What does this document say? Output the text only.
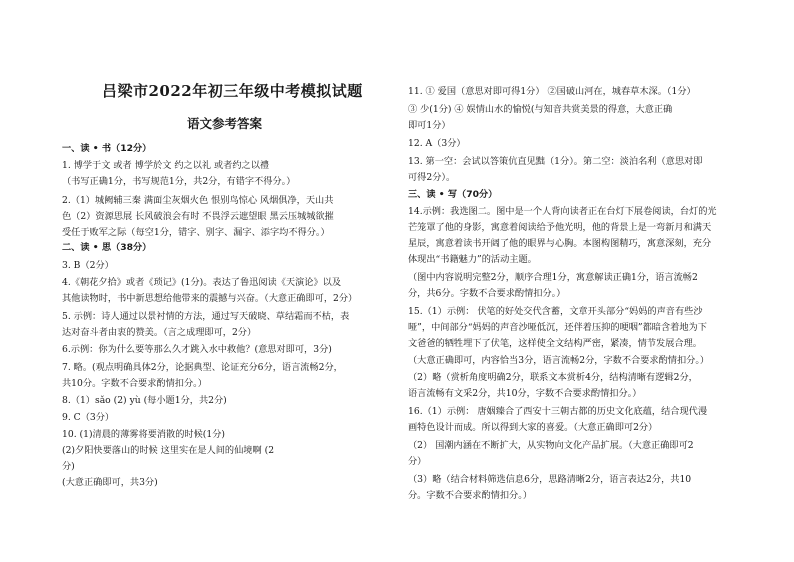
吕梁市2022年初三年级中考模拟试题
语文参考答案
一、读 • 书（12分）
1. 博学于文 或者 博学於文 约之以礼 或者约之以禮
（书写正确1分，书写规范1分，共2分，有错字不得分。）
2.（1）城阙辅三秦 满面尘灰烟火色 恨别鸟惊心 风烟俱净，天山共
色（2）资源思展 长风破浪会有时 不畏浮云遮望眼 黑云压城城欲摧
受任于败军之际（每空1分，错字、别字、漏字、添字均不得分。）
二、读 • 思（38分）
3. B（2分）
4.《朝花夕拾》或者《琐记》(1分)。表达了鲁迅阅读《天演论》以及
其他读物时，书中新思想给他带来的震撼与兴奋。（大意正确即可，2分）
5. 示例：诗人通过以景衬情的方法，通过写天破晓、草结霜而不枯，表
达对奋斗者由衷的赞美。（言之成理即可，2分）
6.示例：你为什么要等那么久才跳入水中救他？(意思对即可，3分)
7. 略。(观点明确具体2分，论据典型、论证充分6分，语言流畅2分，
共10分。字数不合要求酌情扣分。）
8.（1）sǎo (2) yù (每小题1分，共2分)
9. C（3分）
10. (1)清晨的薄雾将要消散的时候(1分)
(2)夕阳快要落山的时候 这里实在是人间的仙境啊 (2
分)
(大意正确即可，共3分)
11. ① 爱国（意思对即可得1分） ②国破山河在，城春草木深。（1分）
③ 少(1分) ④ 娱情山水的愉悦(与知音共赏美景的得意，大意正确
即可1分）
12. A（3分）
13. 第一空：会试以答策伉直见黜（1分）。第二空：淡泊名利（意思对即
可得2分）。
三、读 • 写（70分）
14.示例：我选图二。图中是一个人背向读者正在台灯下展卷阅读，台灯的光
芒笼罩了他的身影，寓意着阅读给予他光明，他的背景上是一弯新月和满天
星辰，寓意着读书开阔了他的眼界与心胸。本图构图精巧，寓意深刻，充分
体现出“书籍魅力”的活动主题。
（图中内容说明完整2分，顺序合理1分，寓意解读正确1分，语言流畅2
分，共6分。字数不合要求酌情扣分。）
15.（1）示例： 伏笔的好处交代含蓄，文章开头部分“妈妈的声音有些沙
哑”，中间部分“妈妈的声音沙哑低沉，还伴着压抑的哽咽”都暗含着地为下
文爸爸的牺牲埋下了伏笔，这样使全文结构严密，紧凑，情节发展合理。
（大意正确即可，内容恰当3分，语言流畅2分，字数不合要求酌情扣分。）
（2）略（赏析角度明确2分，联系文本赏析4分，结构清晰有逻辑2分，
语言流畅有文采2分，共10分，字数不合要求酌情扣分。）
16.（1）示例： 唐姻臻合了西安十三朝古都的历史文化底蕴，结合现代漫
画特色设计而成。所以得到大家的喜爱。（大意正确即可2分）
（2） 国潮内涵在不断扩大，从实物向文化产品扩展。（大意正确即可2
分）
（3）略（结合材料筛选信息6分，思路清晰2分，语言表达2分，共10
分。字数不合要求酌情扣分。）
